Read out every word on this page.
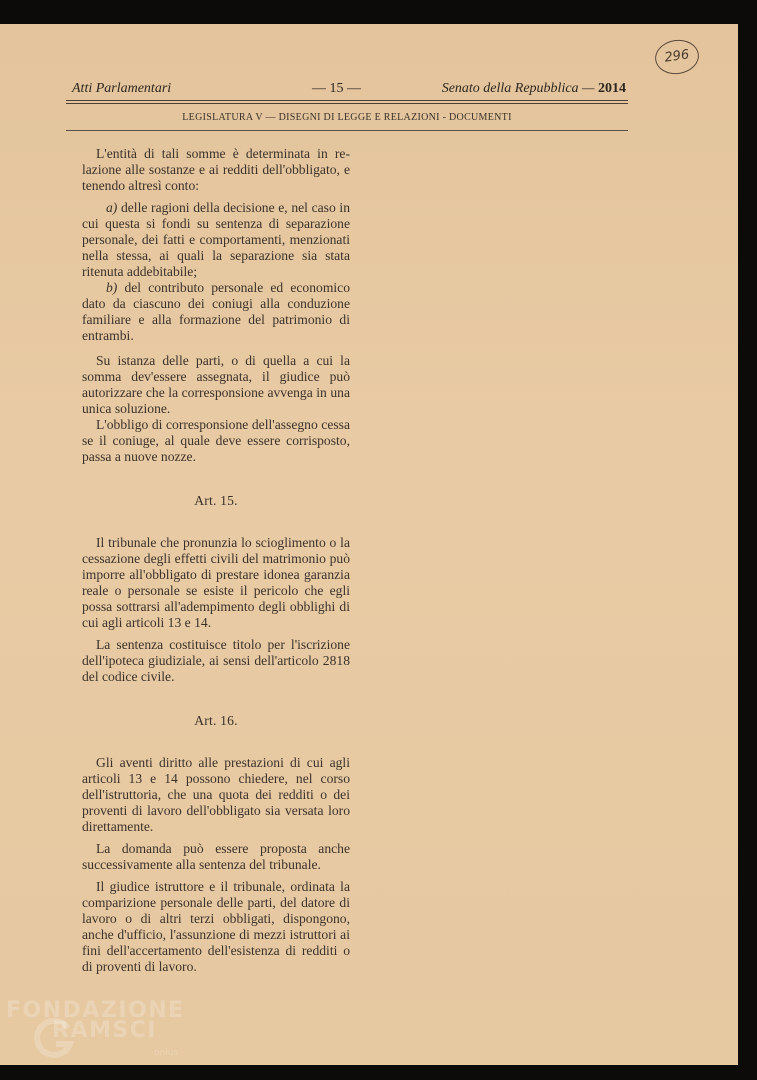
296
Atti Parlamentari	— 15 —	Senato della Repubblica — 2014
LEGISLATURA V — DISEGNI DI LEGGE E RELAZIONI - DOCUMENTI

L'entità di tali somme è determinata in relazione alle sostanze e ai redditi dell'obbligato, e tenendo altresì conto:

a) delle ragioni della decisione e, nel caso in cui questa si fondi su sentenza di separazione personale, dei fatti e comportamenti, menzionati nella stessa, ai quali la separazione sia stata ritenuta addebitabile;

b) del contributo personale ed economico dato da ciascuno dei coniugi alla conduzione familiare e alla formazione del patrimonio di entrambi.

Su istanza delle parti, o di quella a cui la somma dev'essere assegnata, il giudice può autorizzare che la corresponsione avvenga in una unica soluzione.

L'obbligo di corresponsione dell'assegno cessa se il coniuge, al quale deve essere corrisposto, passa a nuove nozze.

Art. 15.

Il tribunale che pronunzia lo scioglimento o la cessazione degli effetti civili del matrimonio può imporre all'obbligato di prestare idonea garanzia reale o personale se esiste il pericolo che egli possa sottrarsi all'adempimento degli obblighi di cui agli articoli 13 e 14.

La sentenza costituisce titolo per l'iscrizione dell'ipoteca giudiziale, ai sensi dell'articolo 2818 del codice civile.

Art. 16.

Gli aventi diritto alle prestazioni di cui agli articoli 13 e 14 possono chiedere, nel corso dell'istruttoria, che una quota dei redditi o dei proventi di lavoro dell'obbligato sia versata loro direttamente.

La domanda può essere proposta anche successivamente alla sentenza del tribunale.

Il giudice istruttore e il tribunale, ordinata la comparizione personale delle parti, del datore di lavoro o di altri terzi obbligati, dispongono, anche d'ufficio, l'assunzione di mezzi istruttori ai fini dell'accertamento dell'esistenza di redditi o di proventi di lavoro.

FONDAZIONE
RAMSCI
onlus
